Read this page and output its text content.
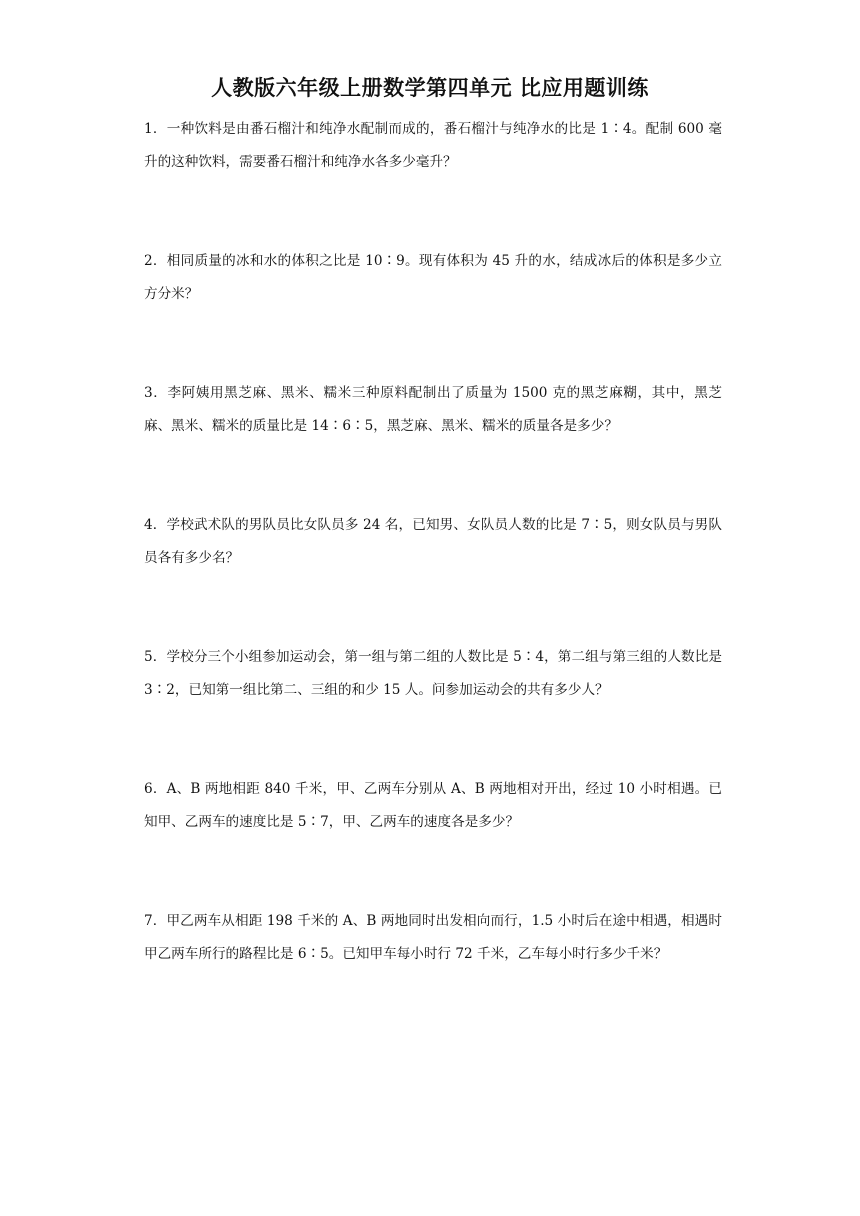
人教版六年级上册数学第四单元 比应用题训练
1．一种饮料是由番石榴汁和纯净水配制而成的，番石榴汁与纯净水的比是 1∶4。配制 600 毫升的这种饮料，需要番石榴汁和纯净水各多少毫升？
2．相同质量的冰和水的体积之比是 10∶9。现有体积为 45 升的水，结成冰后的体积是多少立方分米？
3．李阿姨用黑芝麻、黑米、糯米三种原料配制出了质量为 1500 克的黑芝麻糊，其中，黑芝麻、黑米、糯米的质量比是 14∶6∶5，黑芝麻、黑米、糯米的质量各是多少？
4．学校武术队的男队员比女队员多 24 名，已知男、女队员人数的比是 7∶5，则女队员与男队员各有多少名？
5．学校分三个小组参加运动会，第一组与第二组的人数比是 5∶4，第二组与第三组的人数比是 3∶2，已知第一组比第二、三组的和少 15 人。问参加运动会的共有多少人？
6．A、B 两地相距 840 千米，甲、乙两车分别从 A、B 两地相对开出，经过 10 小时相遇。已知甲、乙两车的速度比是 5∶7，甲、乙两车的速度各是多少？
7．甲乙两车从相距 198 千米的 A、B 两地同时出发相向而行，1.5 小时后在途中相遇，相遇时甲乙两车所行的路程比是 6∶5。已知甲车每小时行 72 千米，乙车每小时行多少千米？
